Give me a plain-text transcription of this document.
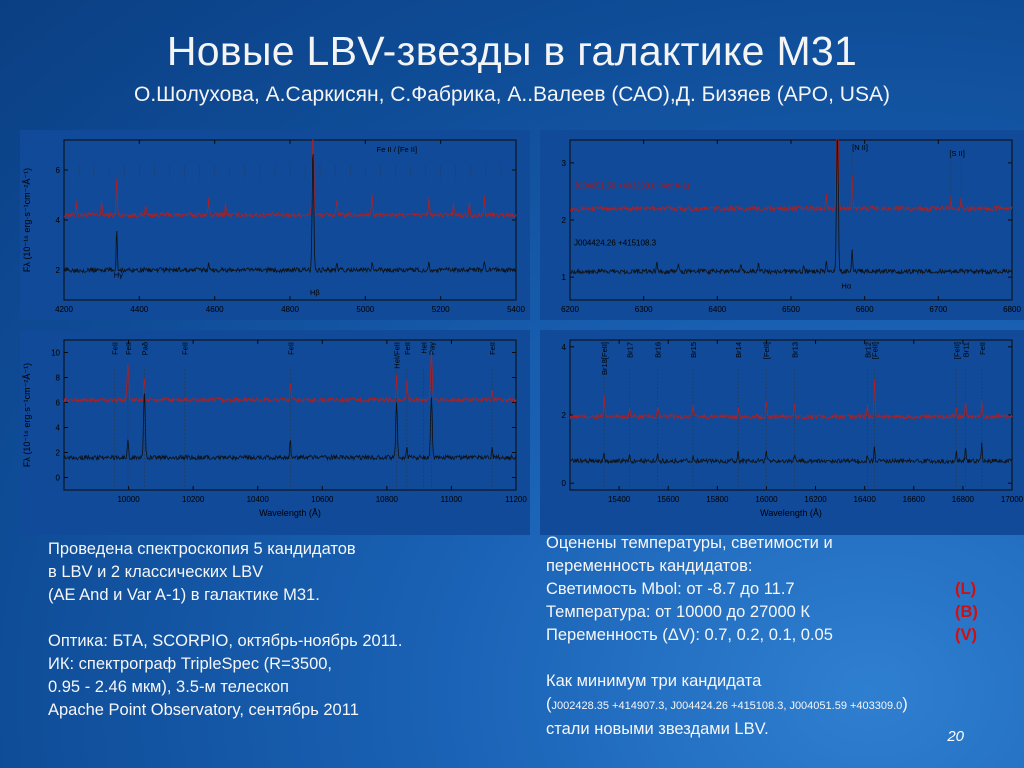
Новые LBV-звезды в галактике М31
О.Шолухова, А.Саркисян, С.Фабрика, А..Валеев (САО),Д. Бизяев (APO, USA)
4200	4400	4600	4800	5000	5200	5400
2
4
6
Fλ (10⁻¹⁶ erg·s⁻¹cm⁻²Å⁻¹)
Hγ
Hβ
Fe II / [Fe II]
6200	6300	6400	6500	6600	6700	6800
1
2
3
[N II]
[S II]
Hα
J004051.59 +403303.0 (Var A-1)
J004424.26 +415108.3
10000	10200	10400	10600	10800	11000	11200
0
2
4
6
8
10
Fλ (10⁻¹⁶ erg·s⁻¹cm⁻²Å⁻¹)
Wavelength (Å)
FeII FeII Paδ	FeII	FeII	HeI/FeII FeII HeI Paγ	FeII
15400	15600	15800	16000	16200	16400	16600	16800	17000
0
2
4
Wavelength (Å)
Br18[FeII] Br17	Br16	Br15	Br14	[FeII]	Br13	Br12
[FeII]	[FeII] Br11 FeII

Проведена спектроскопия 5 кандидатов

в LBV и 2 классических LBV

(AE And и Var A-1) в галактике М31.

Оптика: БТА, SCORPIO, октябрь-ноябрь 2011.

ИК: спектрограф TripleSpec (R=3500,

0.95 - 2.46 мкм), 3.5-м телескоп

Apache Point Observatory, сентябрь 2011

Оценены температуры, светимости и

переменность кандидатов:

Светимость Mbol: от -8.7 до 11.7	(L)

Температура: от 10000 до 27000 К	(B)

Переменность (ΔV): 0.7, 0.2, 0.1, 0.05	(V)

Как минимум три кандидата

(J002428.35 +414907.3, J004424.26 +415108.3, J004051.59 +403309.0)

стали новыми звездами LBV.	20
